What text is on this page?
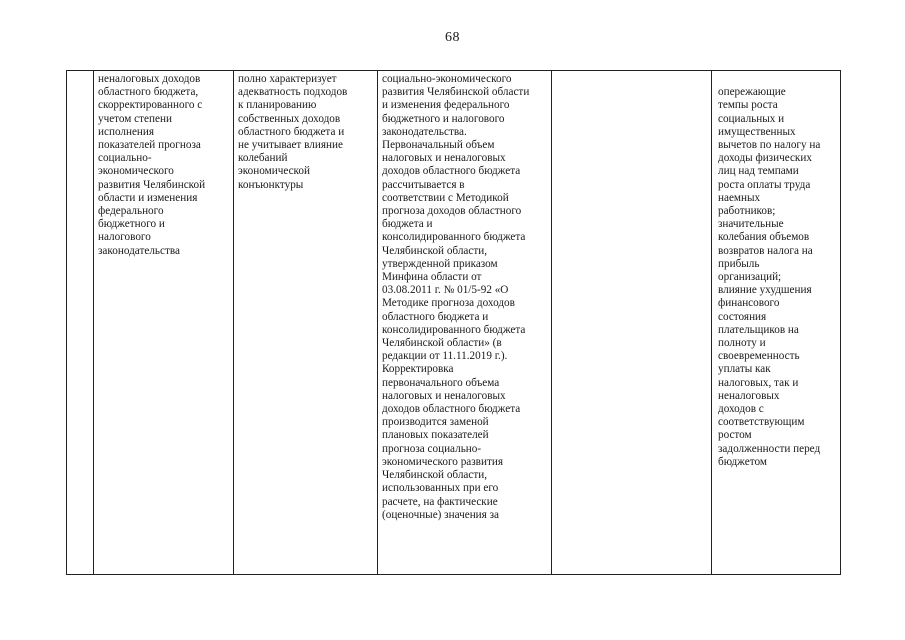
68
неналоговых доходов
областного бюджета,
скорректированного с
учетом степени
исполнения
показателей прогноза
социально-
экономического
развития Челябинской
области и изменения
федерального
бюджетного и
налогового
законодательства
полно характеризует
адекватность подходов
к планированию
собственных доходов
областного бюджета и
не учитывает влияние
колебаний
экономической
конъюнктуры
социально-экономического
развития Челябинской области
и изменения федерального
бюджетного и налогового
законодательства.
Первоначальный объем
налоговых и неналоговых
доходов областного бюджета
рассчитывается в
соответствии с Методикой
прогноза доходов областного
бюджета и
консолидированного бюджета
Челябинской области,
утвержденной приказом
Минфина области от
03.08.2011 г. № 01/5-92 «О
Методике прогноза доходов
областного бюджета и
консолидированного бюджета
Челябинской области» (в
редакции от 11.11.2019 г.).
Корректировка
первоначального объема
налоговых и неналоговых
доходов областного бюджета
производится заменой
плановых показателей
прогноза социально-
экономического развития
Челябинской области,
использованных при его
расчете, на фактические
(оценочные) значения за

опережающие
темпы роста
социальных и
имущественных
вычетов по налогу на
доходы физических
лиц над темпами
роста оплаты труда
наемных
работников;
значительные
колебания объемов
возвратов налога на
прибыль
организаций;
влияние ухудшения
финансового
состояния
плательщиков на
полноту и
своевременность
уплаты как
налоговых, так и
неналоговых
доходов с
соответствующим
ростом
задолженности перед
бюджетом
